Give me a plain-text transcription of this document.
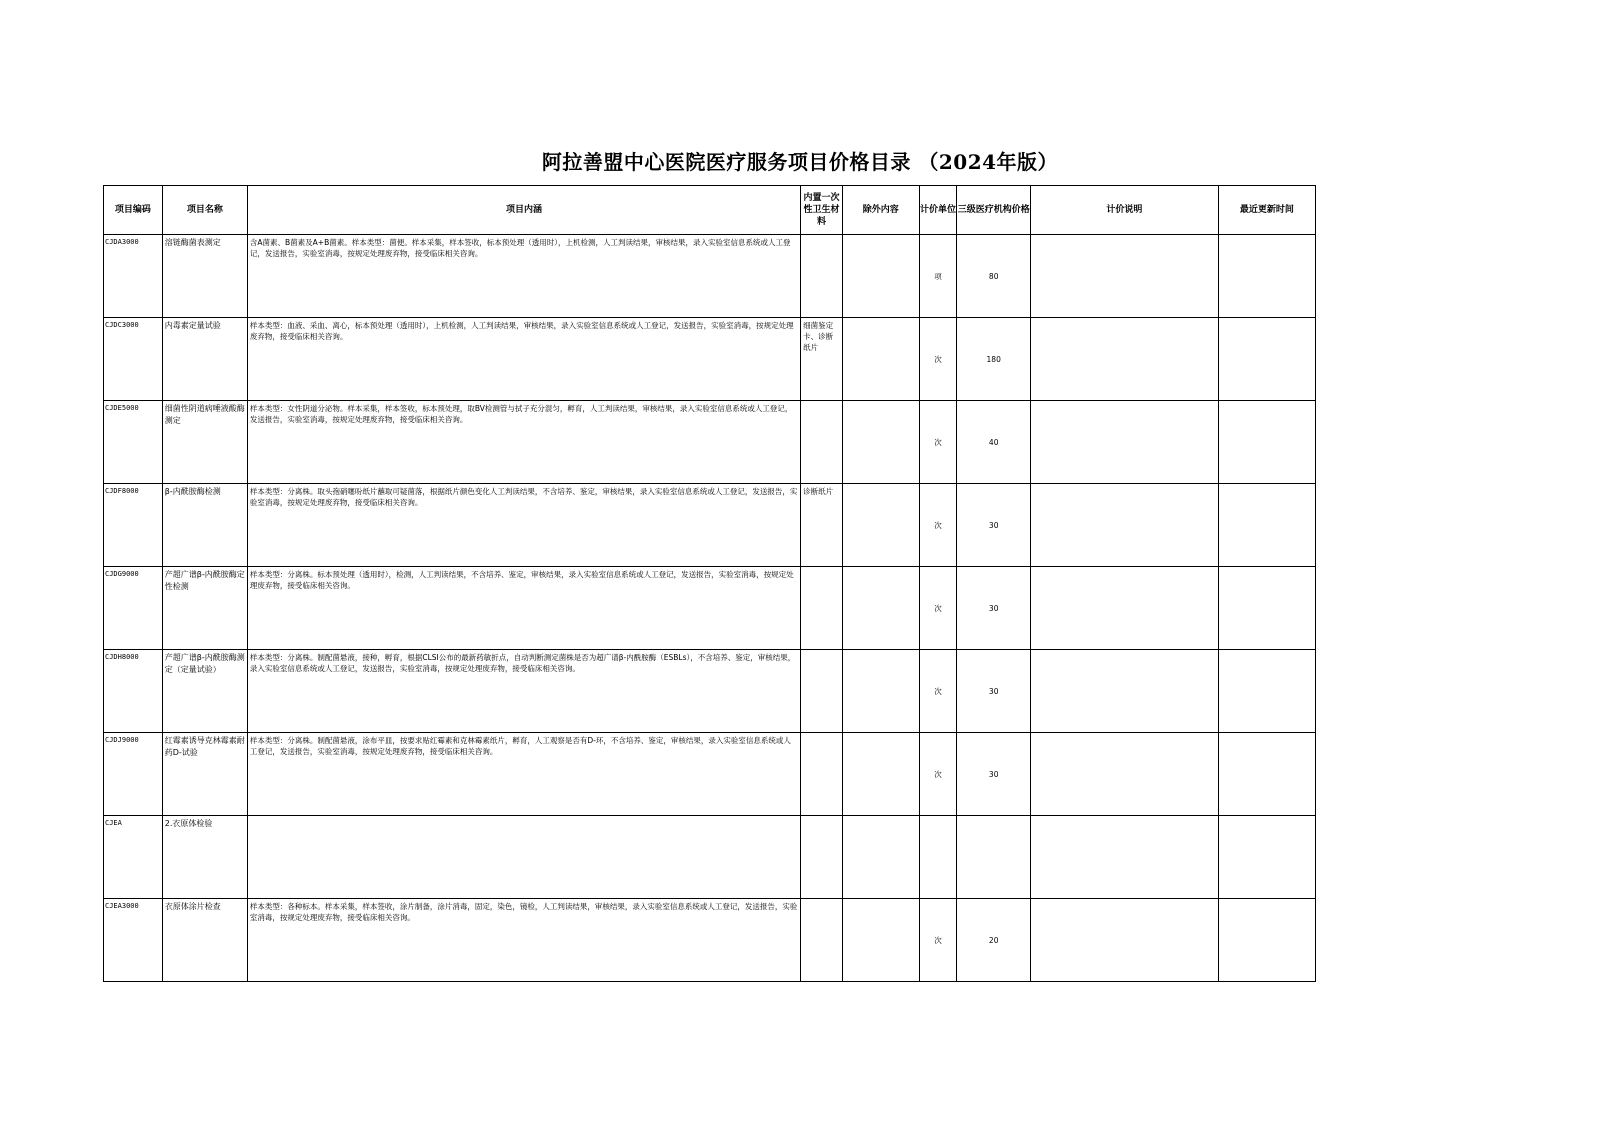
阿拉善盟中心医院医疗服务项目价格目录 （2024年版）
项目编码	项目名称	项目内涵	内置一次性卫生材料	除外内容	计价单位	三级医疗机构价格	计价说明	最近更新时间
CJDA3000	溶链酶菌表测定	含A菌素、B菌素及A+B菌素。样本类型：菌便。样本采集，样本签收，标本预处理（透用时），上机检测，人工判读结果，审核结果，录入实验室信息系统或人工登记，发送报告，实验室消毒，按规定处理废弃物，接受临床相关咨询。			项	80		
CJDC3000	内毒素定量试验	样本类型：血液、采血、离心，标本预处理（透用时），上机检测，人工判读结果，审核结果，录入实验室信息系统或人工登记，发送报告，实验室消毒，按规定处理废弃物，接受临床相关咨询。	细菌鉴定卡、诊断纸片		次	180		
CJDE5000	细菌性阴道病唾液酸酶测定	样本类型：女性阴道分泌物。样本采集，样本签收，标本预处理，取BV检测管与拭子充分混匀，孵育，人工判读结果，审核结果，录入实验室信息系统或人工登记，发送报告，实验室消毒，按规定处理废弃物，接受临床相关咨询。			次	40		
CJDF8000	β-内酰胺酶检测	样本类型：分离株。取头孢硝噻吩纸片蘸取可疑菌落，根据纸片颜色变化人工判读结果，不含培养、鉴定，审核结果，录入实验室信息系统或人工登记，发送报告，实验室消毒，按规定处理废弃物，接受临床相关咨询。	诊断纸片		次	30		
CJDG9000	产超广谱β-内酰胺酶定性检测	样本类型：分离株。标本预处理（透用时），检测，人工判读结果，不含培养、鉴定，审核结果，录入实验室信息系统或人工登记，发送报告，实验室消毒，按规定处理废弃物，接受临床相关咨询。			次	30		
CJDH8000	产超广谱β-内酰胺酶测定（定量试验）	样本类型：分离株。制配菌悬液，接种，孵育，根据CLSI公布的最新药敏折点，自动判断测定菌株是否为超广谱β-内酰胺酶（ESBLs），不含培养、鉴定，审核结果，录入实验室信息系统或人工登记，发送报告，实验室消毒，按规定处理废弃物，接受临床相关咨询。			次	30		
CJDJ9000	红霉素诱导克林霉素耐药D-试验	样本类型：分离株。制配菌悬液，涂布平皿，按要求贴红霉素和克林霉素纸片，孵育，人工观察是否有D-环，不含培养、鉴定，审核结果，录入实验室信息系统或人工登记，发送报告，实验室消毒，按规定处理废弃物，接受临床相关咨询。			次	30		
CJEA	2.衣原体检验							
CJEA3000	衣原体涂片检查	样本类型：各种标本。样本采集，样本签收，涂片制备，涂片消毒，固定，染色，镜检，人工判读结果，审核结果，录入实验室信息系统或人工登记，发送报告，实验室消毒，按规定处理废弃物，接受临床相关咨询。			次	20		
